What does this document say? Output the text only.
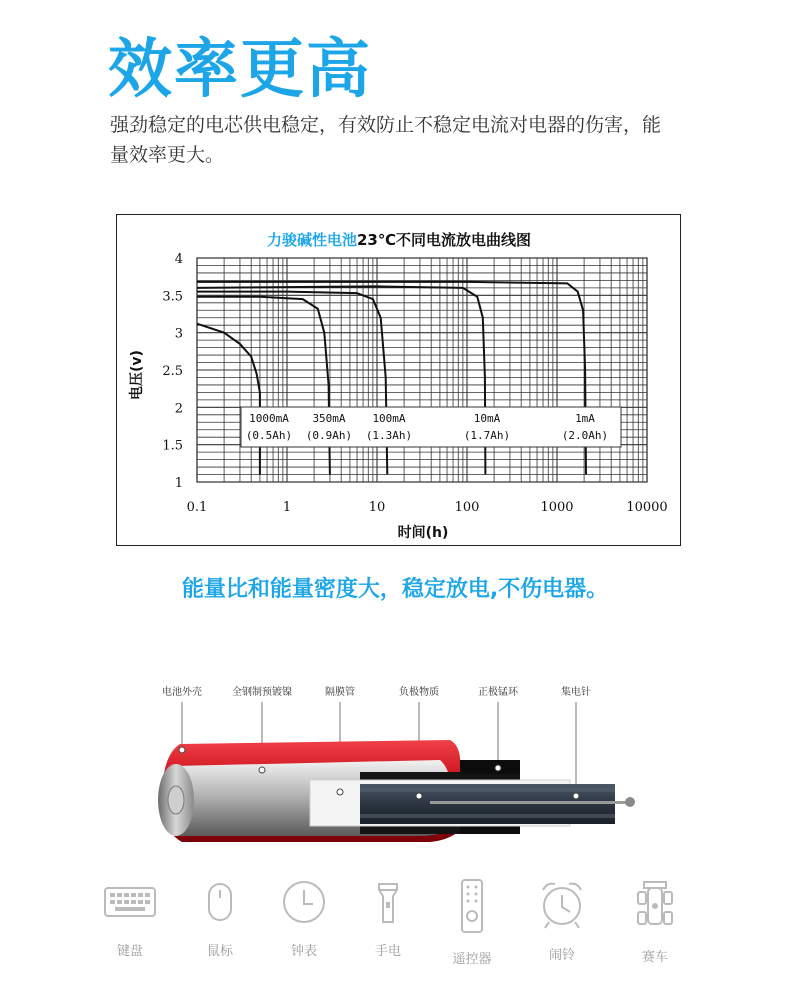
效率更高
强劲稳定的电芯供电稳定，有效防止不稳定电流对电器的伤害，能量效率更大。
力骏碱性电池23℃不同电流放电曲线图
1000mA
(0.5Ah)
350mA
(0.9Ah)
100mA
(1.3Ah)
10mA
(1.7Ah)
1mA
(2.0Ah)
4
3.5
3
2.5
2
1.5
1
0.1	1	10	100	1000	10000
时间(h)
电压(v)
能量比和能量密度大，稳定放电,不伤电器。
电池外壳	全钢制预镀镍	隔膜管	负极物质	正极锰环	集电针
键盘	鼠标	钟表	手电
遥控器	闹铃	赛车
